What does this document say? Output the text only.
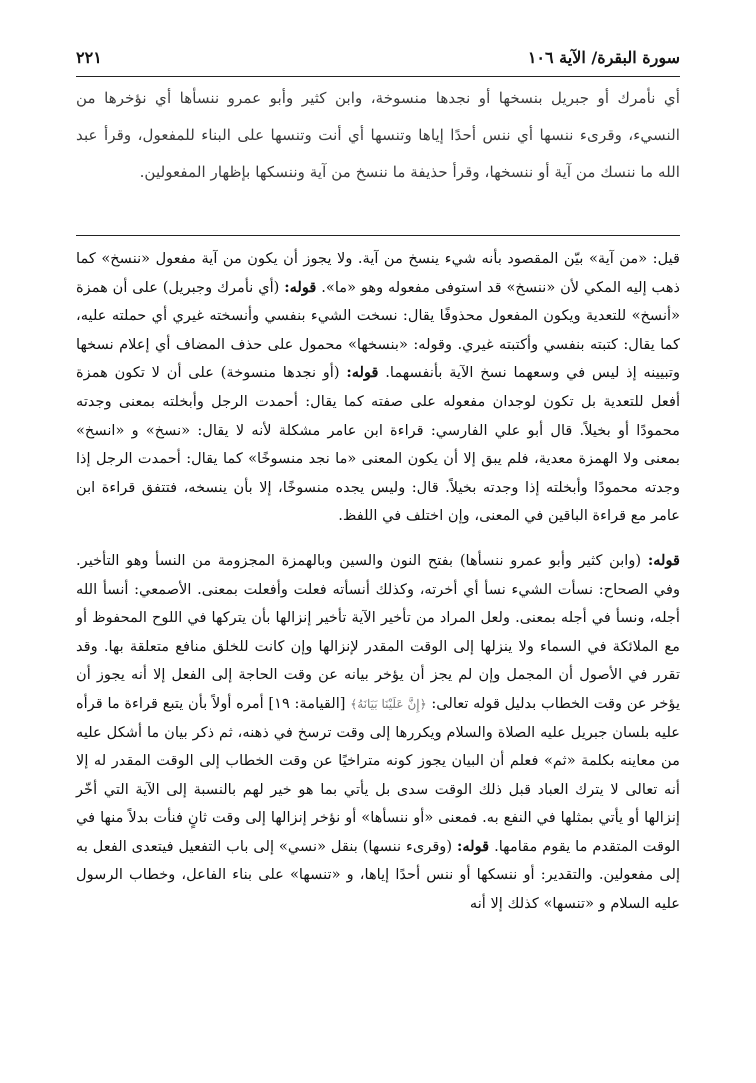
سورة البقرة/ الآية ١٠٦
٢٢١
أي نأمرك أو جبريل بنسخها أو نجدها منسوخة، وابن كثير وأبو عمرو ننسأها أي نؤخرها من النسيء، وقرىء ننسها أي ننس أحدًا إياها وتنسها أي أنت وتنسها على البناء للمفعول، وقرأ عبد الله ما ننسك من آية أو ننسخها، وقرأ حذيفة ما ننسخ من آية وننسكها بإظهار المفعولين.

قيل: «من آية» بيّن المقصود بأنه شيء ينسخ من آية. ولا يجوز أن يكون من آية مفعول «ننسخ» كما ذهب إليه المكي لأن «ننسخ» قد استوفى مفعوله وهو «ما». قوله: (أي نأمرك وجبريل) على أن همزة «أنسخ» للتعدية ويكون المفعول محذوفًا يقال: نسخت الشيء بنفسي وأنسخته غيري أي حملته عليه، كما يقال: كتبته بنفسي وأكتبته غيري. وقوله: «بنسخها» محمول على حذف المضاف أي إعلام نسخها وتبيينه إذ ليس في وسعهما نسخ الآية بأنفسهما. قوله: (أو نجدها منسوخة) على أن لا تكون همزة أفعل للتعدية بل تكون لوجدان مفعوله على صفته كما يقال: أحمدت الرجل وأبخلته بمعنى وجدته محمودًا أو بخيلاً. قال أبو علي الفارسي: قراءة ابن عامر مشكلة لأنه لا يقال: «نسخ» و «انسخ» بمعنى ولا الهمزة معدية، فلم يبق إلا أن يكون المعنى «ما نجد منسوخًا» كما يقال: أحمدت الرجل إذا وجدته محمودًا وأبخلته إذا وجدته بخيلاً. قال: وليس يجده منسوخًا، إلا بأن ينسخه، فتتفق قراءة ابن عامر مع قراءة الباقين في المعنى، وإن اختلف في اللفظ.

قوله: (وابن كثير وأبو عمرو ننسأها) بفتح النون والسين وبالهمزة المجزومة من النسأ وهو التأخير. وفي الصحاح: نسأت الشيء نسأ أي أخرته، وكذلك أنسأته فعلت وأفعلت بمعنى. الأصمعي: أنسأ الله أجله، ونسأ في أجله بمعنى. ولعل المراد من تأخير الآية تأخير إنزالها بأن يتركها في اللوح المحفوظ أو مع الملائكة في السماء ولا ينزلها إلى الوقت المقدر لإنزالها وإن كانت للخلق منافع متعلقة بها. وقد تقرر في الأصول أن المجمل وإن لم يجز أن يؤخر بيانه عن وقت الحاجة إلى الفعل إلا أنه يجوز أن يؤخر عن وقت الخطاب بدليل قوله تعالى: ﴿إِنَّ عَلَيْنَا بَيَانَهُ﴾ [القيامة: ١٩] أمره أولاً بأن يتبع قراءة ما قرأه عليه بلسان جبريل عليه الصلاة والسلام ويكررها إلى وقت ترسخ في ذهنه، ثم ذكر بيان ما أشكل عليه من معاينه بكلمة «ثم» فعلم أن البيان يجوز كونه متراخيًا عن وقت الخطاب إلى الوقت المقدر له إلا أنه تعالى لا يترك العباد قبل ذلك الوقت سدى بل يأتي بما هو خير لهم بالنسبة إلى الآية التي أخّر إنزالها أو يأتي بمثلها في النفع به. فمعنى «أو ننسأها» أو نؤخر إنزالها إلى وقت ثانٍ فنأت بدلاً منها في الوقت المتقدم ما يقوم مقامها. قوله: (وقرىء ننسها) بنقل «نسي» إلى باب التفعيل فيتعدى الفعل به إلى مفعولين. والتقدير: أو ننسكها أو ننس أحدًا إياها، و «تنسها» على بناء الفاعل، وخطاب الرسول عليه السلام و «تنسها» كذلك إلا أنه
